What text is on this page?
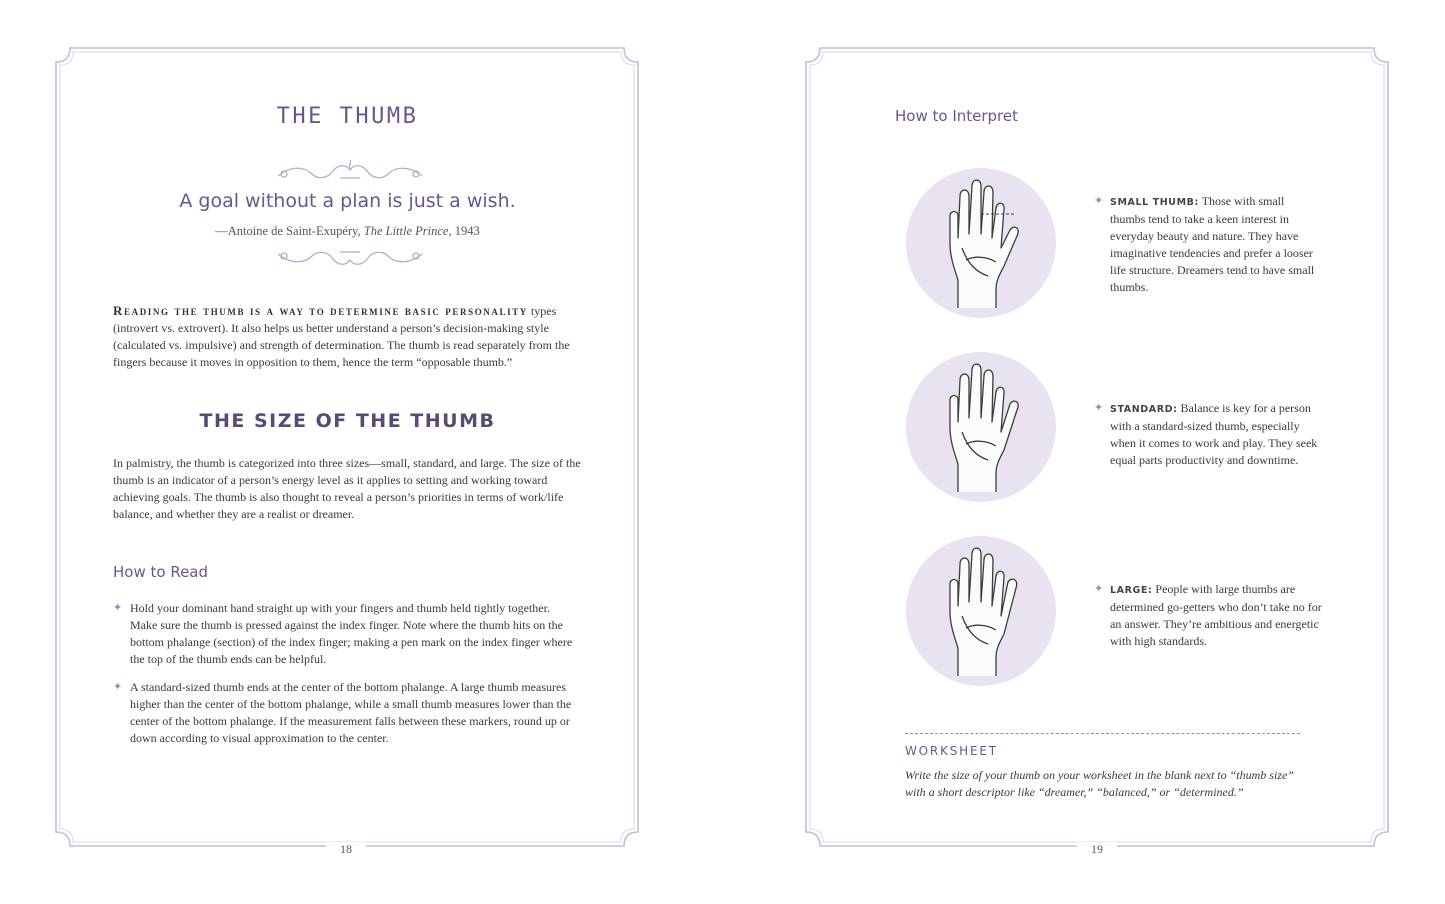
THE THUMB
A goal without a plan is just a wish.
—Antoine de Saint-Exupéry, The Little Prince, 1943
Reading the thumb is a way to determine basic personality types (introvert vs. extrovert). It also helps us better understand a person’s decision-making style (calculated vs. impulsive) and strength of determination. The thumb is read separately from the fingers because it moves in opposition to them, hence the term “opposable thumb.”
THE SIZE OF THE THUMB
In palmistry, the thumb is categorized into three sizes—small, standard, and large. The size of the thumb is an indicator of a person’s energy level as it applies to setting and working toward achieving goals. The thumb is also thought to reveal a person’s priorities in terms of work/life balance, and whether they are a realist or dreamer.
How to Read
✦ Hold your dominant hand straight up with your fingers and thumb held tightly together. Make sure the thumb is pressed against the index finger. Note where the thumb hits on the bottom phalange (section) of the index finger; making a pen mark on the index finger where the top of the thumb ends can be helpful.
✦ A standard-sized thumb ends at the center of the bottom phalange. A large thumb measures higher than the center of the bottom phalange, while a small thumb measures lower than the center of the bottom phalange. If the measurement falls between these markers, round up or down according to visual approximation to the center.
18
How to Interpret
✦ SMALL THUMB: Those with small thumbs tend to take a keen interest in everyday beauty and nature. They have imaginative tendencies and prefer a looser life structure. Dreamers tend to have small thumbs.
✦ STANDARD: Balance is key for a person with a standard-sized thumb, especially when it comes to work and play. They seek equal parts productivity and downtime.
✦ LARGE: People with large thumbs are determined go-getters who don’t take no for an answer. They’re ambitious and energetic with high standards.
WORKSHEET
Write the size of your thumb on your worksheet in the blank next to “thumb size” with a short descriptor like “dreamer,” “balanced,” or “determined.”
19
